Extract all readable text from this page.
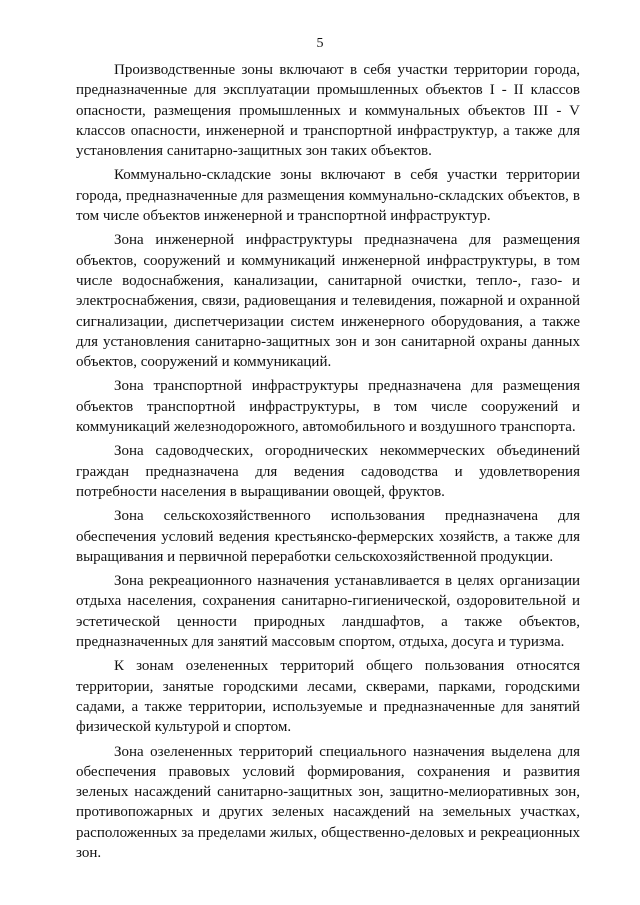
5

Производственные зоны включают в себя участки территории города, предназначенные для эксплуатации промышленных объектов I - II классов опасности, размещения промышленных и коммунальных объектов III - V классов опасности, инженерной и транспортной инфраструктур, а также для установления санитарно-защитных зон таких объектов.

Коммунально-складские зоны включают в себя участки территории города, предназначенные для размещения коммунально-складских объектов, в том числе объектов инженерной и транспортной инфраструктур.

Зона инженерной инфраструктуры предназначена для размещения объектов, сооружений и коммуникаций инженерной инфраструктуры, в том числе водоснабжения, канализации, санитарной очистки, тепло-, газо- и электроснабжения, связи, радиовещания и телевидения, пожарной и охранной сигнализации, диспетчеризации систем инженерного оборудования, а также для установления санитарно-защитных зон и зон санитарной охраны данных объектов, сооружений и коммуникаций.

Зона транспортной инфраструктуры предназначена для размещения объектов транспортной инфраструктуры, в том числе сооружений и коммуникаций железнодорожного, автомобильного и воздушного транспорта.

Зона садоводческих, огороднических некоммерческих объединений граждан предназначена для ведения садоводства и удовлетворения потребности населения в выращивании овощей, фруктов.

Зона сельскохозяйственного использования предназначена для обеспечения условий ведения крестьянско-фермерских хозяйств, а также для выращивания и первичной переработки сельскохозяйственной продукции.

Зона рекреационного назначения устанавливается в целях организации отдыха населения, сохранения санитарно-гигиенической, оздоровительной и эстетической ценности природных ландшафтов, а также объектов, предназначенных для занятий массовым спортом, отдыха, досуга и туризма.

К зонам озелененных территорий общего пользования относятся территории, занятые городскими лесами, скверами, парками, городскими садами, а также территории, используемые и предназначенные для занятий физической культурой и спортом.

Зона озелененных территорий специального назначения выделена для обеспечения правовых условий формирования, сохранения и развития зеленых насаждений санитарно-защитных зон, защитно-мелиоративных зон, противопожарных и других зеленых насаждений на земельных участках, расположенных за пределами жилых, общественно-деловых и рекреационных зон.
